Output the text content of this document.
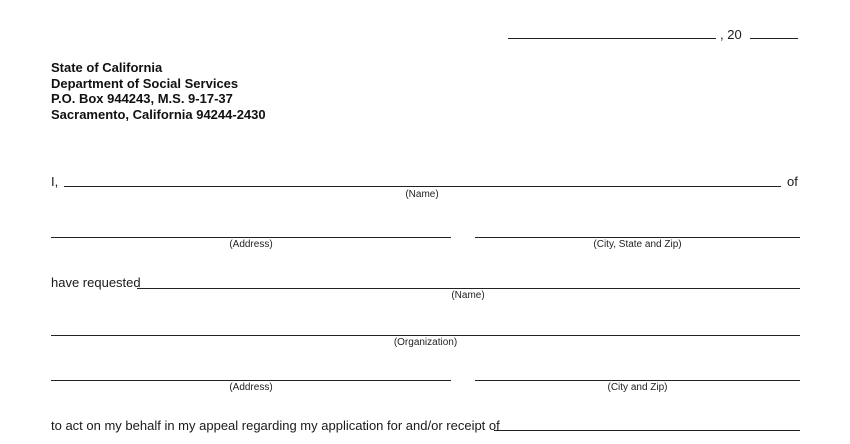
, 20
State of California
Department of Social Services
P.O. Box 944243, M.S. 9-17-37
Sacramento, California 94244-2430
I,	of
(Name)
(Address)	(City, State and Zip)
have requested
(Name)
(Organization)
(Address)	(City and Zip)
to act on my behalf in my appeal regarding my application for and/or receipt of
